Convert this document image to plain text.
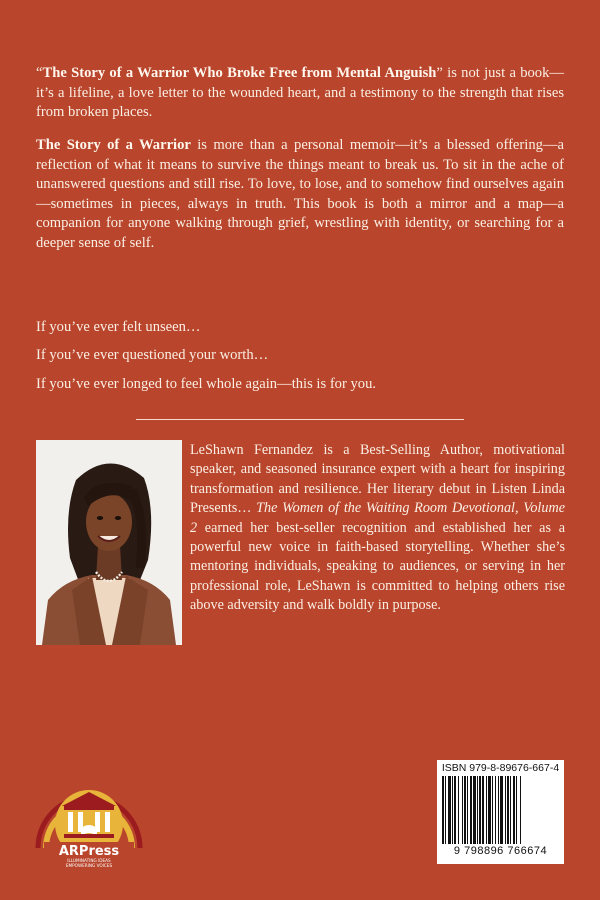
“The Story of a Warrior Who Broke Free from Mental Anguish” is not just a book—it’s a lifeline, a love letter to the wounded heart, and a testimony to the strength that rises from broken places.

The Story of a Warrior is more than a personal memoir—it’s a blessed offering—a reflection of what it means to survive the things meant to break us. To sit in the ache of unanswered questions and still rise. To love, to lose, and to somehow find ourselves again—sometimes in pieces, always in truth. This book is both a mirror and a map—a companion for anyone walking through grief, wrestling with identity, or searching for a deeper sense of self.

If you’ve ever felt unseen…

If you’ve ever questioned your worth…

If you’ve ever longed to feel whole again—this is for you.

LeShawn Fernandez is a Best-Selling Author, motivational speaker, and seasoned insurance expert with a heart for inspiring transformation and resilience. Her literary debut in Listen Linda Presents… The Women of the Waiting Room Devotional, Volume 2 earned her best-seller recognition and established her as a powerful new voice in faith-based storytelling. Whether she’s mentoring individuals, speaking to audiences, or serving in her professional role, LeShawn is committed to helping others rise above adversity and walk boldly in purpose.

ARPress
ILLUMINATING IDEAS
EMPOWERING VOICES

ISBN 979-8-89676-667-4

9 798896 766674
